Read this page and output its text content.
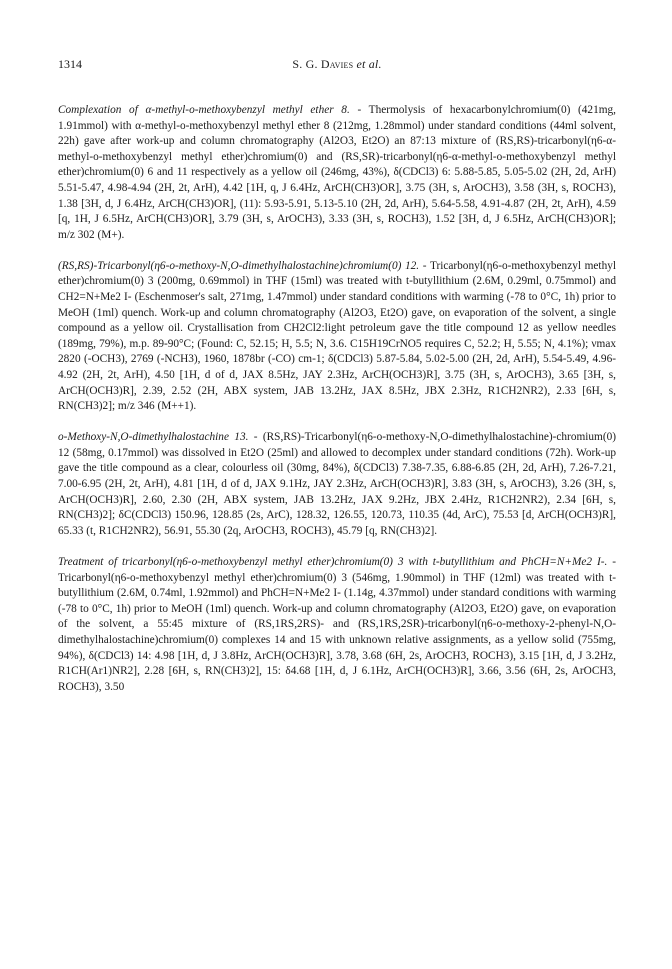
1314	S. G. Davies et al.

Complexation of α-methyl-o-methoxybenzyl methyl ether 8. - Thermolysis of hexacarbonylchromium(0) (421mg, 1.91mmol) with α-methyl-o-methoxybenzyl methyl ether 8 (212mg, 1.28mmol) under standard conditions (44ml solvent, 22h) gave after work-up and column chromatography (Al2O3, Et2O) an 87:13 mixture of (RS,RS)-tricarbonyl(η6-α-methyl-o-methoxybenzyl methyl ether)chromium(0) and (RS,SR)-tricarbonyl(η6-α-methyl-o-methoxybenzyl methyl ether)chromium(0) 6 and 11 respectively as a yellow oil (246mg, 43%), δ(CDCl3) 6: 5.88-5.85, 5.05-5.02 (2H, 2d, ArH) 5.51-5.47, 4.98-4.94 (2H, 2t, ArH), 4.42 [1H, q, J 6.4Hz, ArCH(CH3)OR], 3.75 (3H, s, ArOCH3), 3.58 (3H, s, ROCH3), 1.38 [3H, d, J 6.4Hz, ArCH(CH3)OR], (11): 5.93-5.91, 5.13-5.10 (2H, 2d, ArH), 5.64-5.58, 4.91-4.87 (2H, 2t, ArH), 4.59 [q, 1H, J 6.5Hz, ArCH(CH3)OR], 3.79 (3H, s, ArOCH3), 3.33 (3H, s, ROCH3), 1.52 [3H, d, J 6.5Hz, ArCH(CH3)OR]; m/z 302 (M+).

(RS,RS)-Tricarbonyl(η6-o-methoxy-N,O-dimethylhalostachine)chromium(0) 12. - Tricarbonyl(η6-o-methoxybenzyl methyl ether)chromium(0) 3 (200mg, 0.69mmol) in THF (15ml) was treated with t-butyllithium (2.6M, 0.29ml, 0.75mmol) and CH2=N+Me2 I- (Eschenmoser's salt, 271mg, 1.47mmol) under standard conditions with warming (-78 to 0°C, 1h) prior to MeOH (1ml) quench. Work-up and column chromatography (Al2O3, Et2O) gave, on evaporation of the solvent, a single compound as a yellow oil. Crystallisation from CH2Cl2:light petroleum gave the title compound 12 as yellow needles (189mg, 79%), m.p. 89-90°C; (Found: C, 52.15; H, 5.5; N, 3.6. C15H19CrNO5 requires C, 52.2; H, 5.55; N, 4.1%); νmax 2820 (-OCH3), 2769 (-NCH3), 1960, 1878br (-CO) cm-1; δ(CDCl3) 5.87-5.84, 5.02-5.00 (2H, 2d, ArH), 5.54-5.49, 4.96-4.92 (2H, 2t, ArH), 4.50 [1H, d of d, JAX 8.5Hz, JAY 2.3Hz, ArCH(OCH3)R], 3.75 (3H, s, ArOCH3), 3.65 [3H, s, ArCH(OCH3)R], 2.39, 2.52 (2H, ABX system, JAB 13.2Hz, JAX 8.5Hz, JBX 2.3Hz, R1CH2NR2), 2.33 [6H, s, RN(CH3)2]; m/z 346 (M++1).

o-Methoxy-N,O-dimethylhalostachine 13. - (RS,RS)-Tricarbonyl(η6-o-methoxy-N,O-dimethylhalostachine)-chromium(0) 12 (58mg, 0.17mmol) was dissolved in Et2O (25ml) and allowed to decomplex under standard conditions (72h). Work-up gave the title compound as a clear, colourless oil (30mg, 84%), δ(CDCl3) 7.38-7.35, 6.88-6.85 (2H, 2d, ArH), 7.26-7.21, 7.00-6.95 (2H, 2t, ArH), 4.81 [1H, d of d, JAX 9.1Hz, JAY 2.3Hz, ArCH(OCH3)R], 3.83 (3H, s, ArOCH3), 3.26 (3H, s, ArCH(OCH3)R], 2.60, 2.30 (2H, ABX system, JAB 13.2Hz, JAX 9.2Hz, JBX 2.4Hz, R1CH2NR2), 2.34 [6H, s, RN(CH3)2]; δC(CDCl3) 150.96, 128.85 (2s, ArC), 128.32, 126.55, 120.73, 110.35 (4d, ArC), 75.53 [d, ArCH(OCH3)R], 65.33 (t, R1CH2NR2), 56.91, 55.30 (2q, ArOCH3, ROCH3), 45.79 [q, RN(CH3)2].

Treatment of tricarbonyl(η6-o-methoxybenzyl methyl ether)chromium(0) 3 with t-butyllithium and PhCH=N+Me2 I-. - Tricarbonyl(η6-o-methoxybenzyl methyl ether)chromium(0) 3 (546mg, 1.90mmol) in THF (12ml) was treated with t-butyllithium (2.6M, 0.74ml, 1.92mmol) and PhCH=N+Me2 I- (1.14g, 4.37mmol) under standard conditions with warming (-78 to 0°C, 1h) prior to MeOH (1ml) quench. Work-up and column chromatography (Al2O3, Et2O) gave, on evaporation of the solvent, a 55:45 mixture of (RS,1RS,2RS)- and (RS,1RS,2SR)-tricarbonyl(η6-o-methoxy-2-phenyl-N,O-dimethylhalostachine)chromium(0) complexes 14 and 15 with unknown relative assignments, as a yellow solid (755mg, 94%), δ(CDCl3) 14: 4.98 [1H, d, J 3.8Hz, ArCH(OCH3)R], 3.78, 3.68 (6H, 2s, ArOCH3, ROCH3), 3.15 [1H, d, J 3.2Hz, R1CH(Ar1)NR2], 2.28 [6H, s, RN(CH3)2], 15: δ4.68 [1H, d, J 6.1Hz, ArCH(OCH3)R], 3.66, 3.56 (6H, 2s, ArOCH3, ROCH3), 3.50
